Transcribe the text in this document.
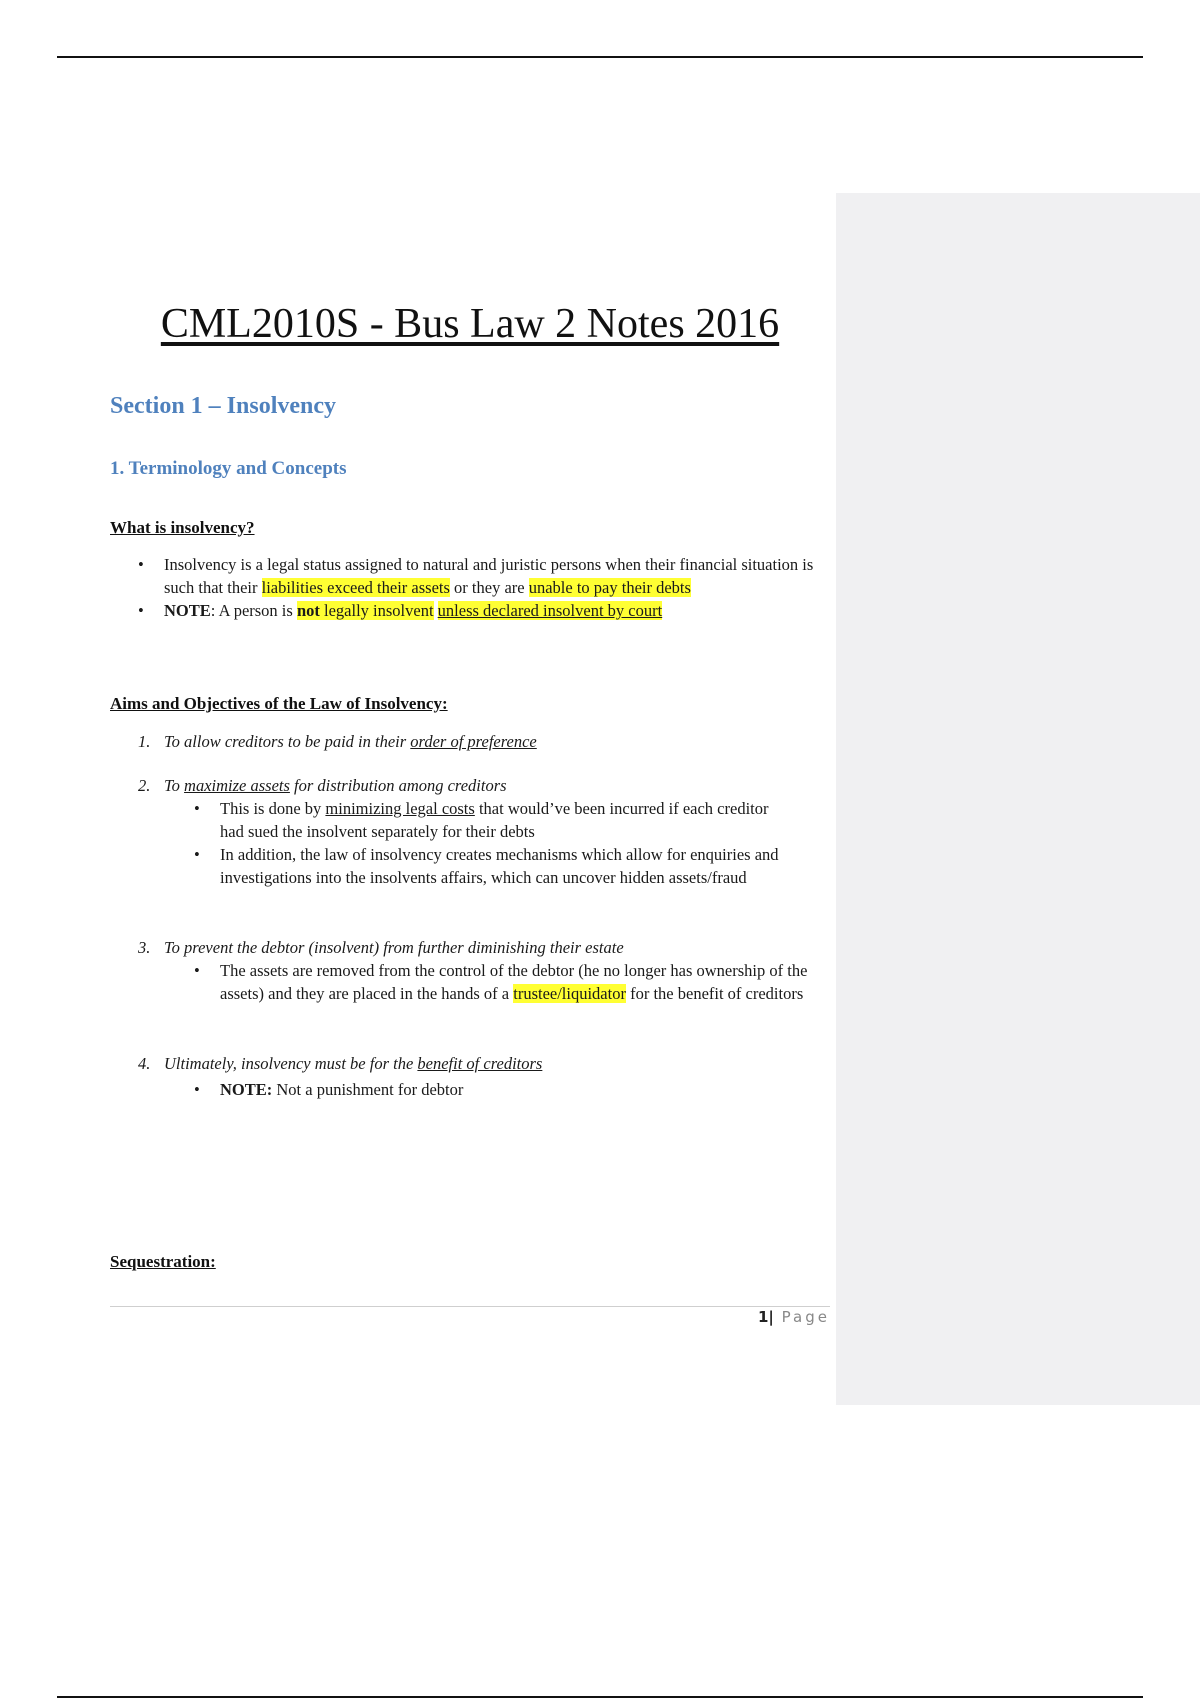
CML2010S - Bus Law 2 Notes 2016
Section 1 – Insolvency
1. Terminology and Concepts
What is insolvency?
• Insolvency is a legal status assigned to natural and juristic persons when their financial situation is such that their liabilities exceed their assets or they are unable to pay their debts
• NOTE: A person is not legally insolvent unless declared insolvent by court
Aims and Objectives of the Law of Insolvency:
1. To allow creditors to be paid in their order of preference
2. To maximize assets for distribution among creditors
• This is done by minimizing legal costs that would’ve been incurred if each creditor had sued the insolvent separately for their debts
• In addition, the law of insolvency creates mechanisms which allow for enquiries and investigations into the insolvents affairs, which can uncover hidden assets/fraud
3. To prevent the debtor (insolvent) from further diminishing their estate
• The assets are removed from the control of the debtor (he no longer has ownership of the assets) and they are placed in the hands of a trustee/liquidator for the benefit of creditors
4. Ultimately, insolvency must be for the benefit of creditors
• NOTE: Not a punishment for debtor
Sequestration:
1| Page
